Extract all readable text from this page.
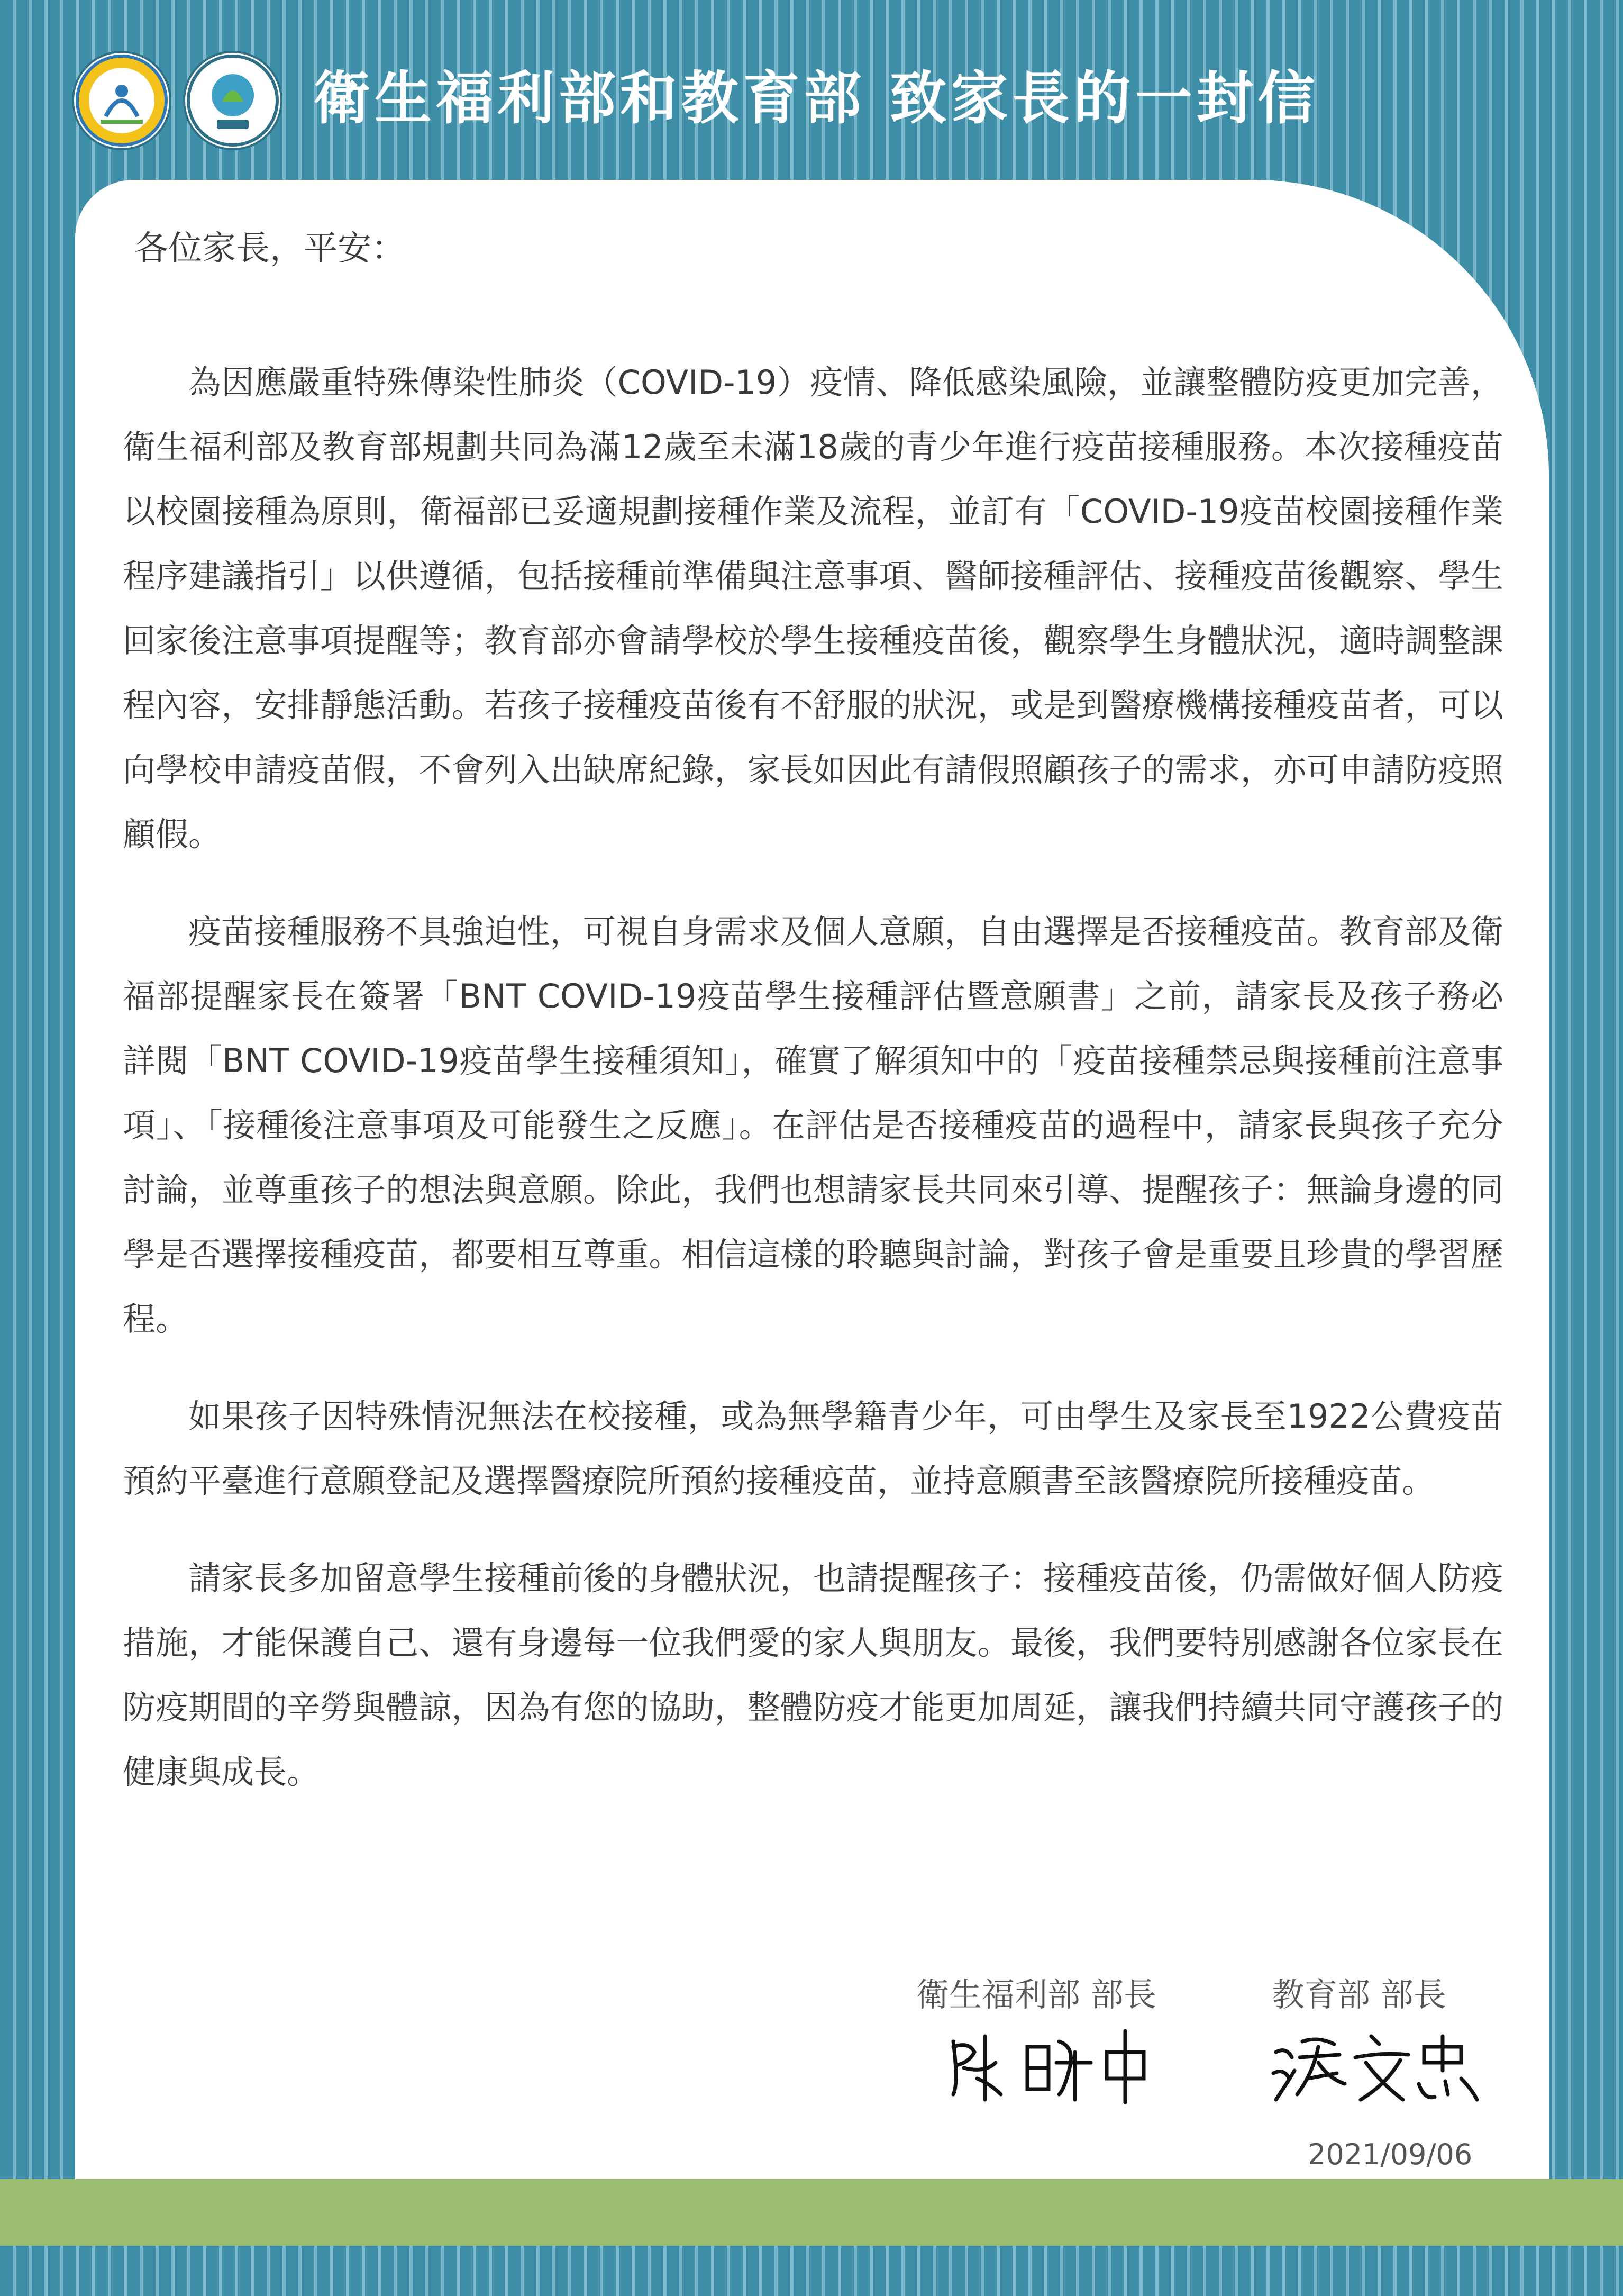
衛生福利部和教育部 致家長的一封信

各位家長，平安：

為因應嚴重特殊傳染性肺炎（COVID-19）疫情、降低感染風險，並讓整體防疫更加完善，衛生福利部及教育部規劃共同為滿12歲至未滿18歲的青少年進行疫苗接種服務。本次接種疫苗以校園接種為原則，衛福部已妥適規劃接種作業及流程，並訂有「COVID-19疫苗校園接種作業程序建議指引」以供遵循，包括接種前準備與注意事項、醫師接種評估、接種疫苗後觀察、學生回家後注意事項提醒等；教育部亦會請學校於學生接種疫苗後，觀察學生身體狀況，適時調整課程內容，安排靜態活動。若孩子接種疫苗後有不舒服的狀況，或是到醫療機構接種疫苗者，可以向學校申請疫苗假，不會列入出缺席紀錄，家長如因此有請假照顧孩子的需求，亦可申請防疫照顧假。

疫苗接種服務不具強迫性，可視自身需求及個人意願，自由選擇是否接種疫苗。教育部及衛福部提醒家長在簽署「BNT COVID-19疫苗學生接種評估暨意願書」之前，請家長及孩子務必詳閱「BNT COVID-19疫苗學生接種須知」，確實了解須知中的「疫苗接種禁忌與接種前注意事項」、「接種後注意事項及可能發生之反應」。在評估是否接種疫苗的過程中，請家長與孩子充分討論，並尊重孩子的想法與意願。除此，我們也想請家長共同來引導、提醒孩子：無論身邊的同學是否選擇接種疫苗，都要相互尊重。相信這樣的聆聽與討論，對孩子會是重要且珍貴的學習歷程。

如果孩子因特殊情況無法在校接種，或為無學籍青少年，可由學生及家長至1922公費疫苗預約平臺進行意願登記及選擇醫療院所預約接種疫苗，並持意願書至該醫療院所接種疫苗。

請家長多加留意學生接種前後的身體狀況，也請提醒孩子：接種疫苗後，仍需做好個人防疫措施，才能保護自己、還有身邊每一位我們愛的家人與朋友。最後，我們要特別感謝各位家長在防疫期間的辛勞與體諒，因為有您的協助，整體防疫才能更加周延，讓我們持續共同守護孩子的健康與成長。

衛生福利部 部長	教育部 部長
2021/09/06
